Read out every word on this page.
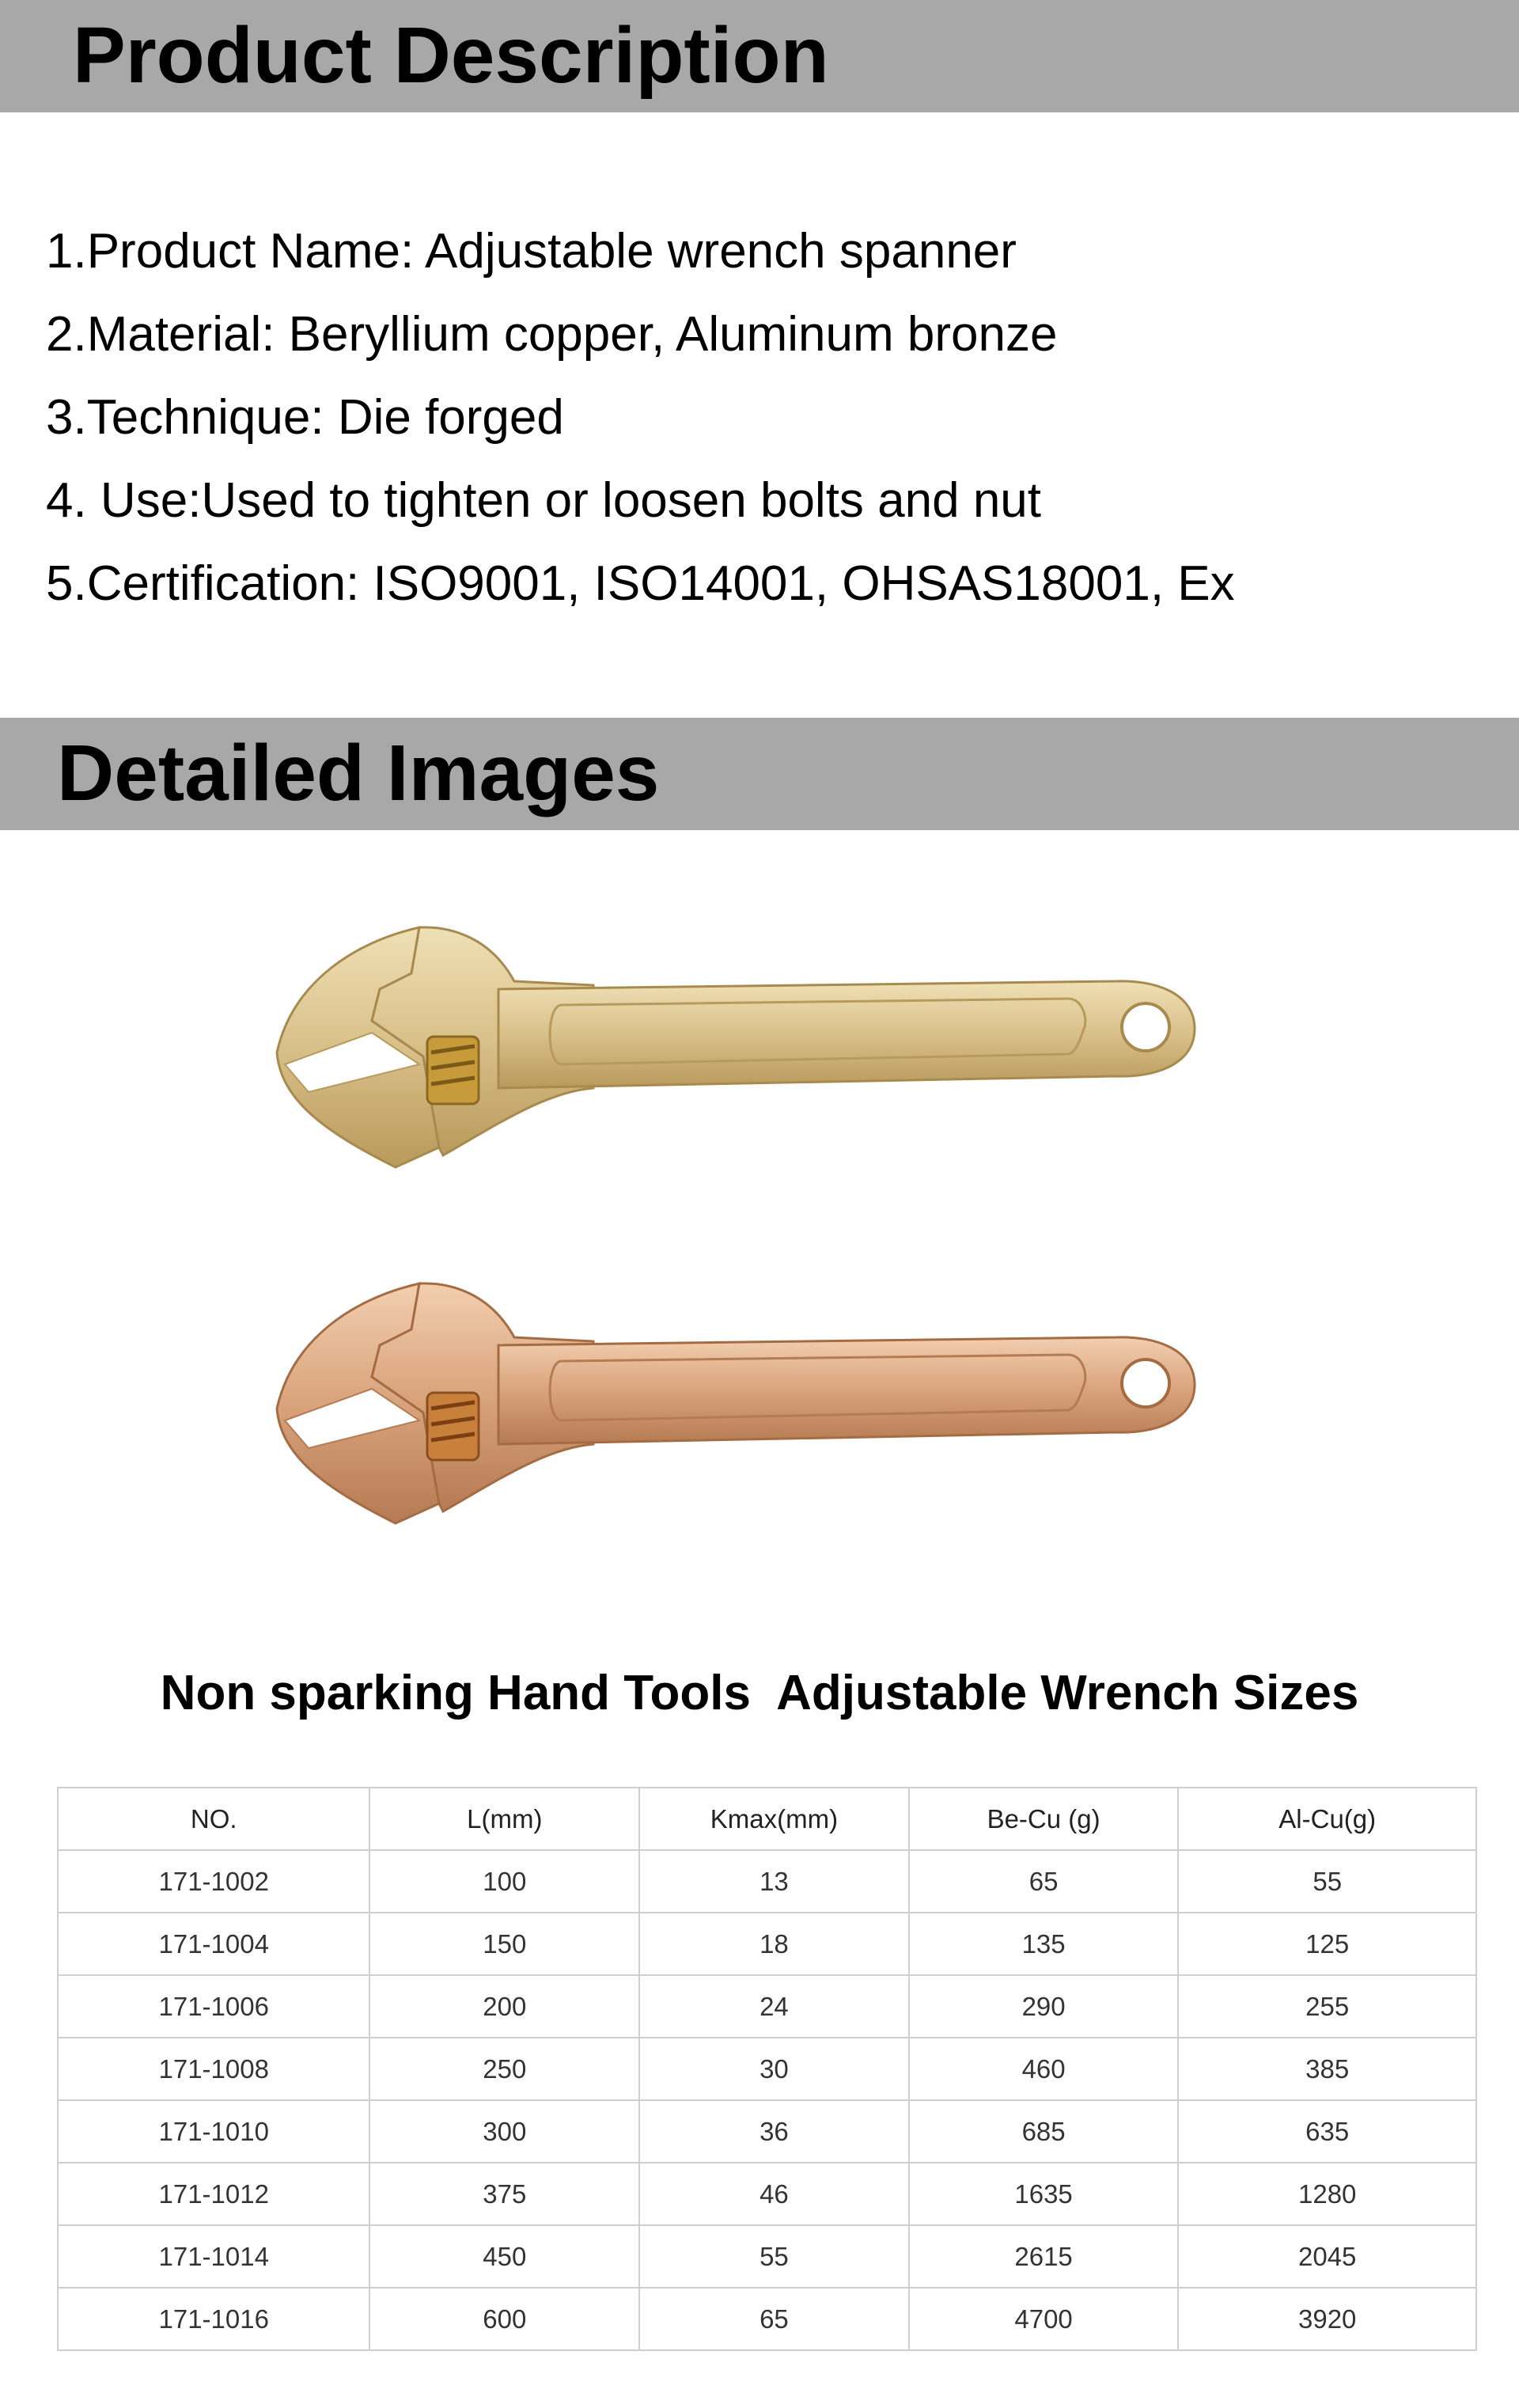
Product Description
1.Product Name: Adjustable wrench spanner
2.Material: Beryllium copper, Aluminum bronze
3.Technique: Die forged
4. Use:Used to tighten or loosen bolts and nut
5.Certification: ISO9001, ISO14001, OHSAS18001, Ex
Detailed Images
Non sparking Hand Tools  Adjustable Wrench Sizes
NO.	L(mm)	Kmax(mm)	Be-Cu (g)	Al-Cu(g)
171-1002	100	13	65	55
171-1004	150	18	135	125
171-1006	200	24	290	255
171-1008	250	30	460	385
171-1010	300	36	685	635
171-1012	375	46	1635	1280
171-1014	450	55	2615	2045
171-1016	600	65	4700	3920
